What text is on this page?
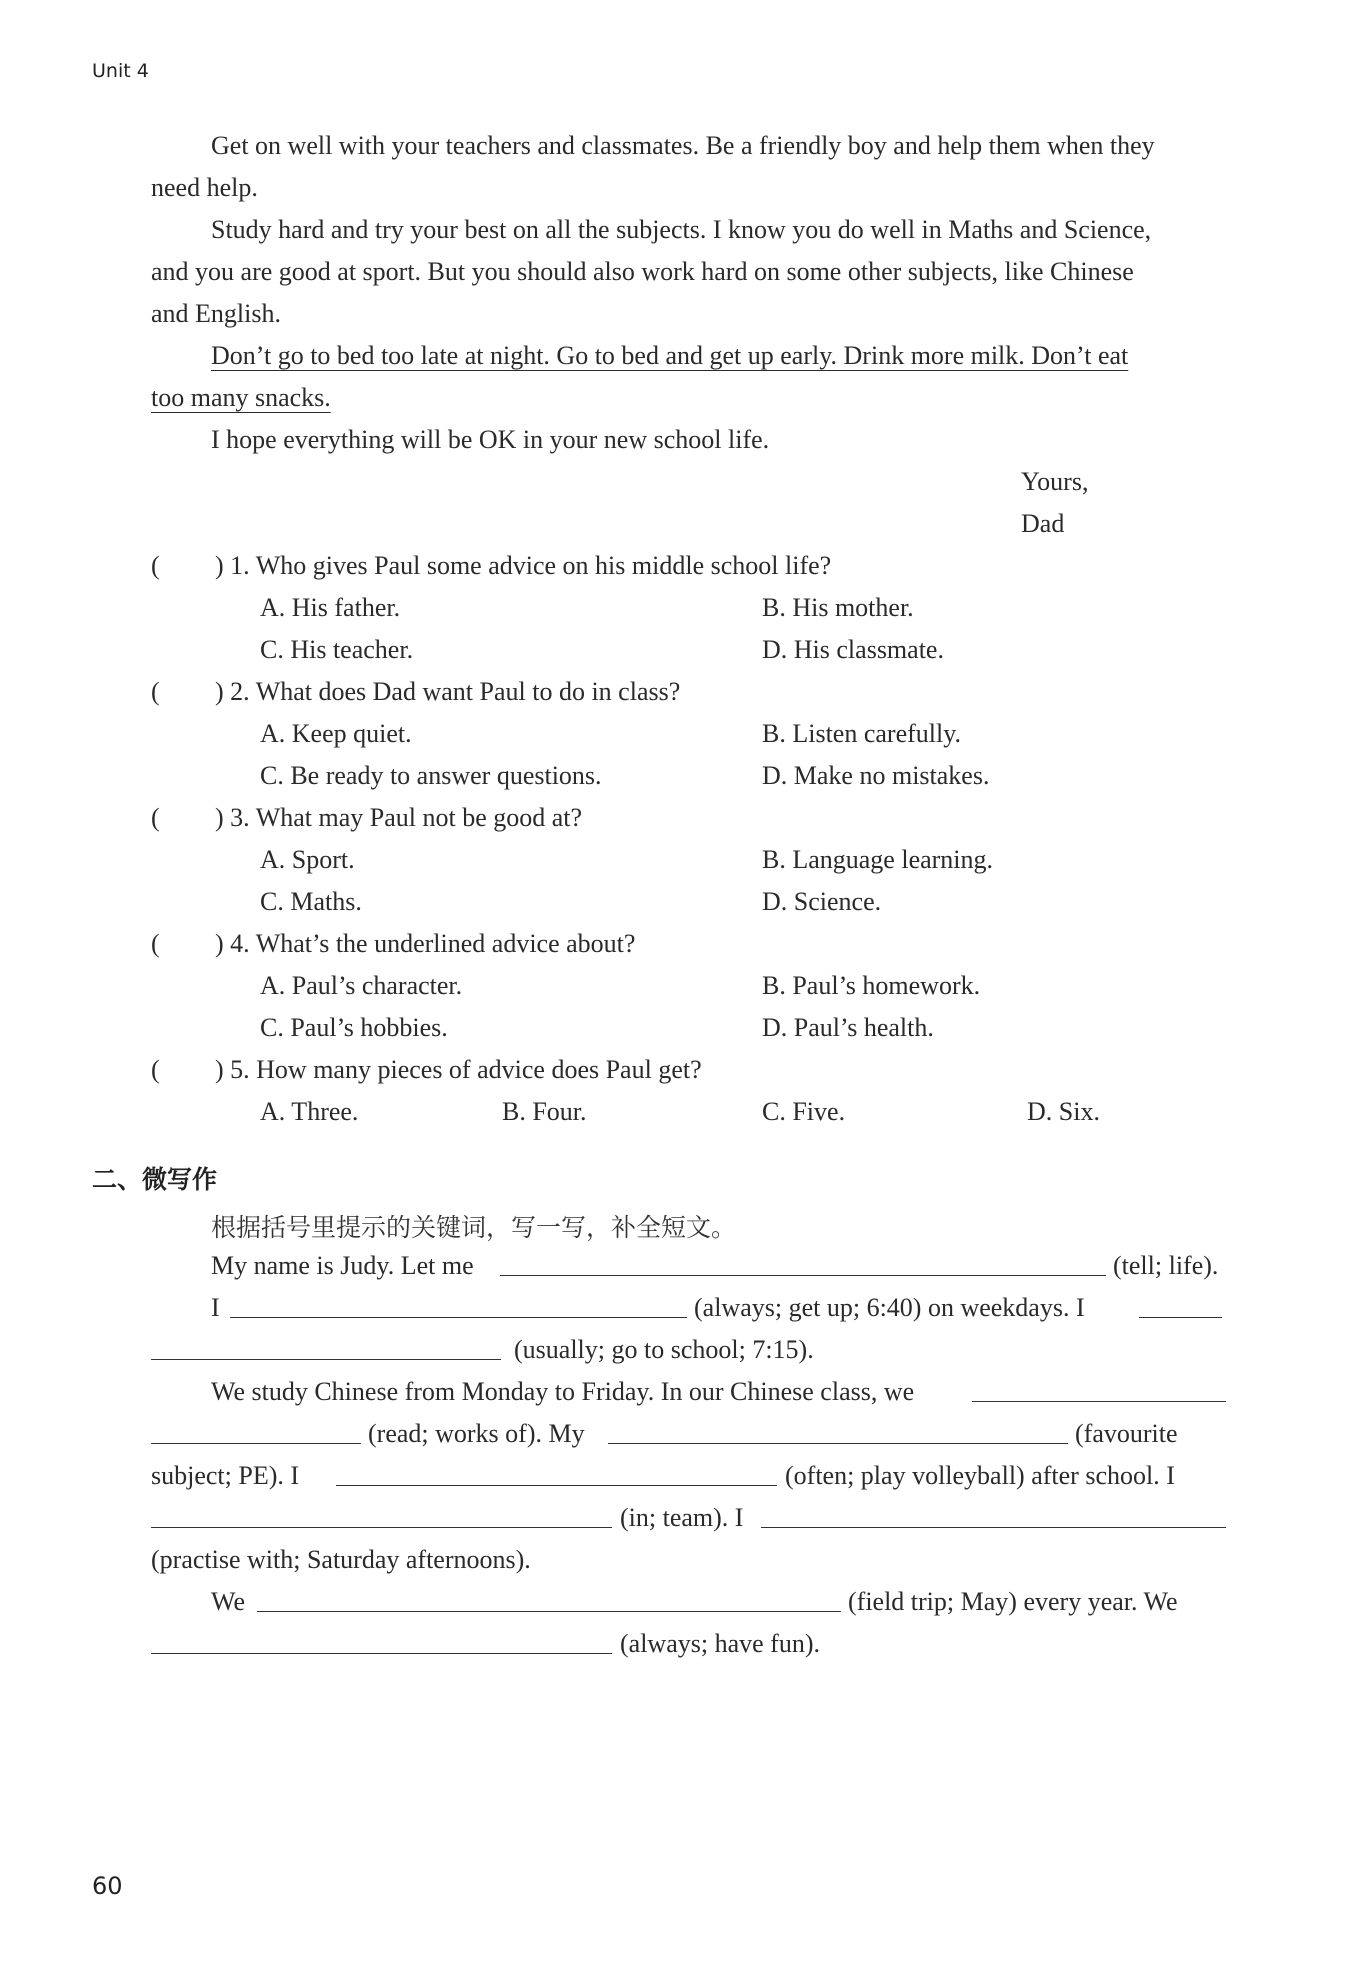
Unit 4
Get on well with your teachers and classmates. Be a friendly boy and help them when they
need help.
Study hard and try your best on all the subjects. I know you do well in Maths and Science,
and you are good at sport. But you should also work hard on some other subjects, like Chinese
and English.
Don’t go to bed too late at night. Go to bed and get up early. Drink more milk. Don’t eat
too many snacks.
I hope everything will be OK in your new school life.
Yours,
Dad
( ) 1. Who gives Paul some advice on his middle school life?
A. His father.	B. His mother.
C. His teacher.	D. His classmate.
( ) 2. What does Dad want Paul to do in class?
A. Keep quiet.	B. Listen carefully.
C. Be ready to answer questions.	D. Make no mistakes.
( ) 3. What may Paul not be good at?
A. Sport.	B. Language learning.
C. Maths.	D. Science.
( ) 4. What’s the underlined advice about?
A. Paul’s character.	B. Paul’s homework.
C. Paul’s hobbies.	D. Paul’s health.
( ) 5. How many pieces of advice does Paul get?
A. Three.	B. Four.	C. Five.	D. Six.
二、微写作
根据括号里提示的关键词，写一写，补全短文。
My name is Judy. Let me	(tell; life).
I	(always; get up; 6:40) on weekdays. I
(usually; go to school; 7:15).
We study Chinese from Monday to Friday. In our Chinese class, we
(read; works of). My	(favourite
subject; PE). I	(often; play volleyball) after school. I
(in; team). I
(practise with; Saturday afternoons).
We	(field trip; May) every year. We
(always; have fun).
60
